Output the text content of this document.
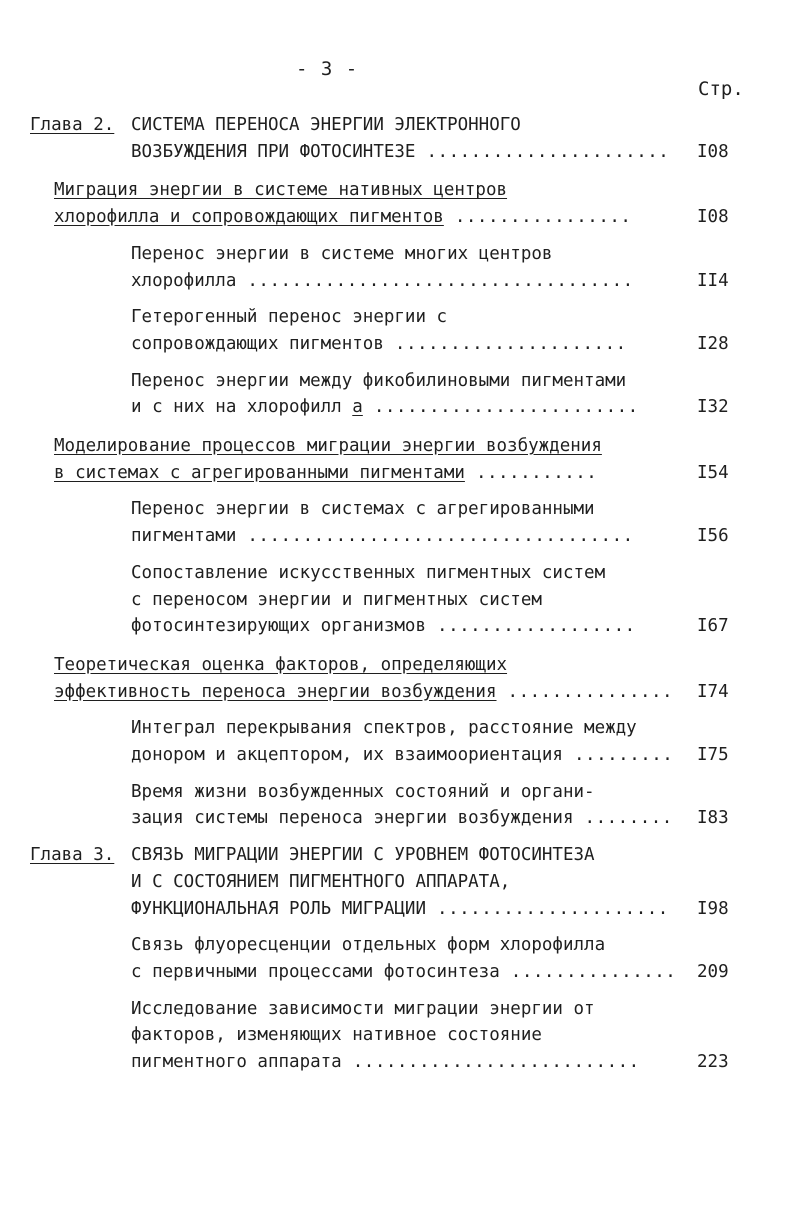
- 3 -
Стр.
Глава 2. СИСТЕМА ПЕРЕНОСА ЭНЕРГИИ ЭЛЕКТРОННОГО
ВОЗБУЖДЕНИЯ ПРИ ФОТОСИНТЕЗЕ ...................... I08
Миграция энергии в системе нативных центров
хлорофилла и сопровождающих пигментов ................	I08
Перенос энергии в системе многих центров
хлорофилла ...................................	II4
Гетерогенный перенос энергии с
сопровождающих пигментов .....................	I28
Перенос энергии между фикобилиновыми пигментами
и с них на хлорофилл а ........................	I32
Моделирование процессов миграции энергии возбуждения
в системах с агрегированными пигментами ...........	I54
Перенос энергии в системах с агрегированными
пигментами ...................................	I56
Сопоставление искусственных пигментных систем
с переносом энергии и пигментных систем
фотосинтезирующих организмов ..................	I67
Теоретическая оценка факторов, определяющих
эффективность переноса энергии возбуждения ............... I74
Интеграл перекрывания спектров, расстояние между
донором и акцептором, их взаимоориентация ......... I75
Время жизни возбужденных состояний и органи-
зация системы переноса энергии возбуждения ........ I83
Глава 3. СВЯЗЬ МИГРАЦИИ ЭНЕРГИИ С УРОВНЕМ ФОТОСИНТЕЗА
И С СОСТОЯНИЕМ ПИГМЕНТНОГО АППАРАТА,
ФУНКЦИОНАЛЬНАЯ РОЛЬ МИГРАЦИИ ..................... I98
Связь флуоресценции отдельных форм хлорофилла
с первичными процессами фотосинтеза ............... 209
Исследование зависимости миграции энергии от
факторов, изменяющих нативное состояние
пигментного аппарата ..........................	223
